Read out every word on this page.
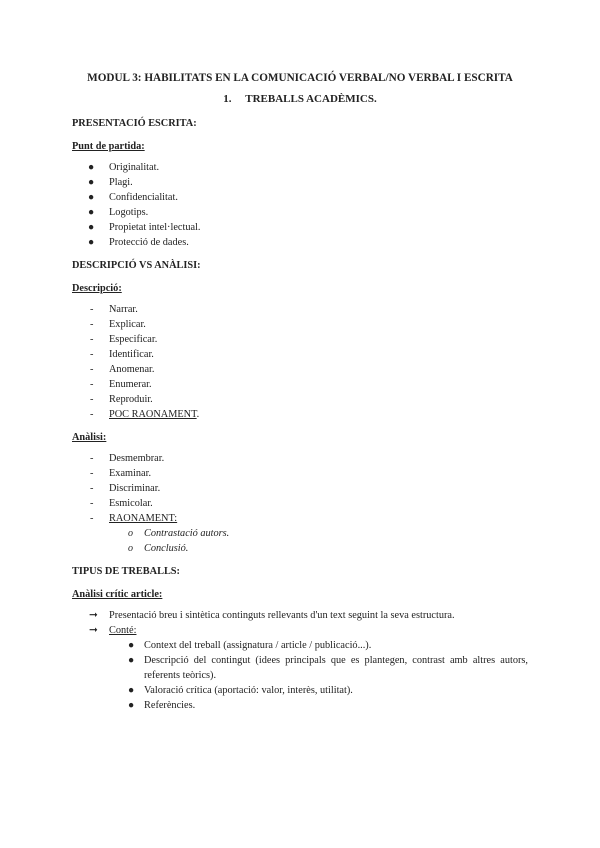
MODUL 3: HABILITATS EN LA COMUNICACIÓ VERBAL/NO VERBAL I ESCRITA

1. TREBALLS ACADÈMICS.

PRESENTACIÓ ESCRITA:
Punt de partida:
● Originalitat.
● Plagi.
● Confidencialitat.
● Logotips.
● Propietat intel·lectual.
● Protecció de dades.
DESCRIPCIÓ VS ANÀLISI:
Descripció:
- Narrar.
- Explicar.
- Especificar.
- Identificar.
- Anomenar.
- Enumerar.
- Reproduir.
- POC RAONAMENT.
Anàlisi:
- Desmembrar.
- Examinar.
- Discriminar.
- Esmicolar.
- RAONAMENT:
o Contrastació autors.
o Conclusió.
TIPUS DE TREBALLS:
Anàlisi crític article:
➞ Presentació breu i sintètica continguts rellevants d'un text seguint la seva estructura.
➞ Conté:
● Context del treball (assignatura / article / publicació...).
● Descripció del contingut (idees principals que es plantegen, contrast amb altres autors, referents teòrics).
● Valoració crítica (aportació: valor, interès, utilitat).
● Referències.
